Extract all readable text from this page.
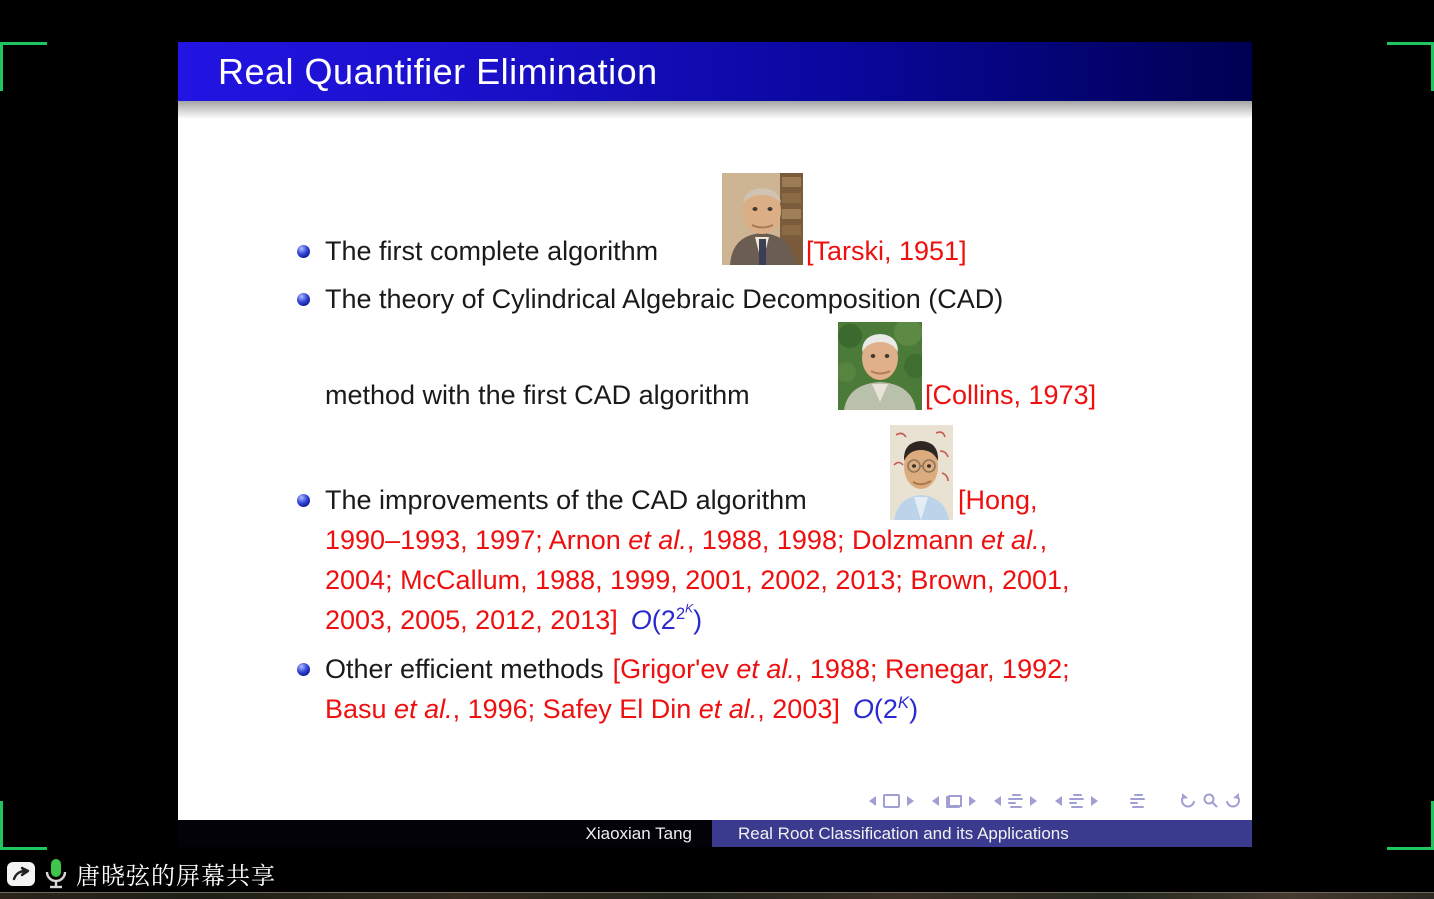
Real Quantifier Elimination
The first complete algorithm	[Tarski, 1951]
The theory of Cylindrical Algebraic Decomposition (CAD)
method with the first CAD algorithm	[Collins, 1973]
The improvements of the CAD algorithm	[Hong,
1990–1993, 1997; Arnon et al., 1988, 1998; Dolzmann et al.,
2004; McCallum, 1988, 1999, 2001, 2002, 2013; Brown, 2001,
2003, 2005, 2012, 2013] $O(2^{2^K})$
Other efficient methods [Grigor'ev et al., 1988; Renegar, 1992;
Basu et al., 1996; Safey El Din et al., 2003] $O(2^K)$
Xiaoxian Tang	Real Root Classification and its Applications
唐晓弦的屏幕共享
